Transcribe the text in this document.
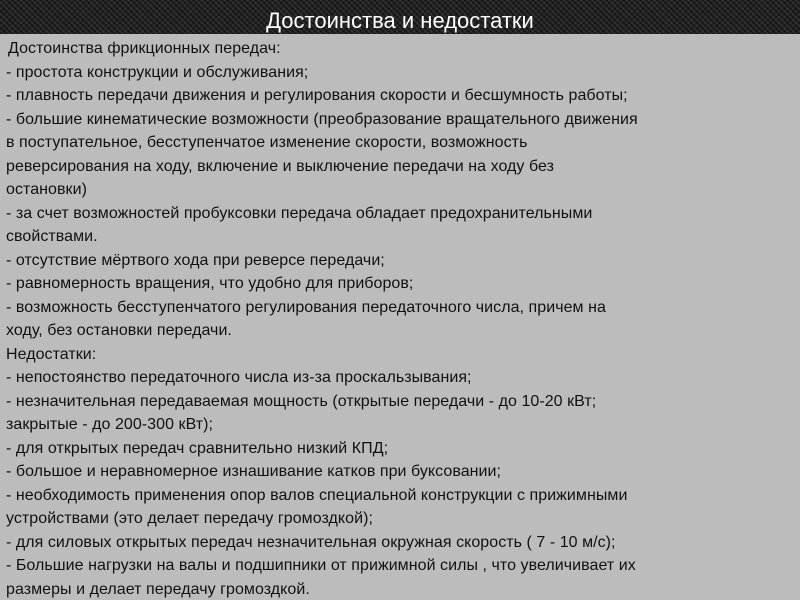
Достоинства и недостатки
Достоинства фрикционных передач:
- простота конструкции и обслуживания;
- плавность передачи движения и регулирования скорости и бесшумность работы;
- большие кинематические возможности (преобразование вращательного движения
в поступательное, бесступенчатое изменение скорости, возможность
реверсирования на ходу, включение и выключение передачи на ходу без
остановки)
- за счет возможностей пробуксовки передача обладает предохранительными
свойствами.
- отсутствие мёртвого хода при реверсе передачи;
- равномерность вращения, что удобно для приборов;
- возможность бесступенчатого регулирования передаточного числа, причем на
ходу, без остановки передачи.
Недостатки:
- непостоянство передаточного числа из-за проскальзывания;
- незначительная передаваемая мощность (открытые передачи - до 10-20 кВт;
закрытые - до 200-300 кВт);
- для открытых передач сравнительно низкий КПД;
- большое и неравномерное изнашивание катков при буксовании;
- необходимость применения опор валов специальной конструкции с прижимными
устройствами (это делает передачу громоздкой);
- для силовых открытых передач незначительная окружная скорость ( 7 - 10 м/с);
- Большие нагрузки на валы и подшипники от прижимной силы , что увеличивает их
размеры и делает передачу громоздкой.
